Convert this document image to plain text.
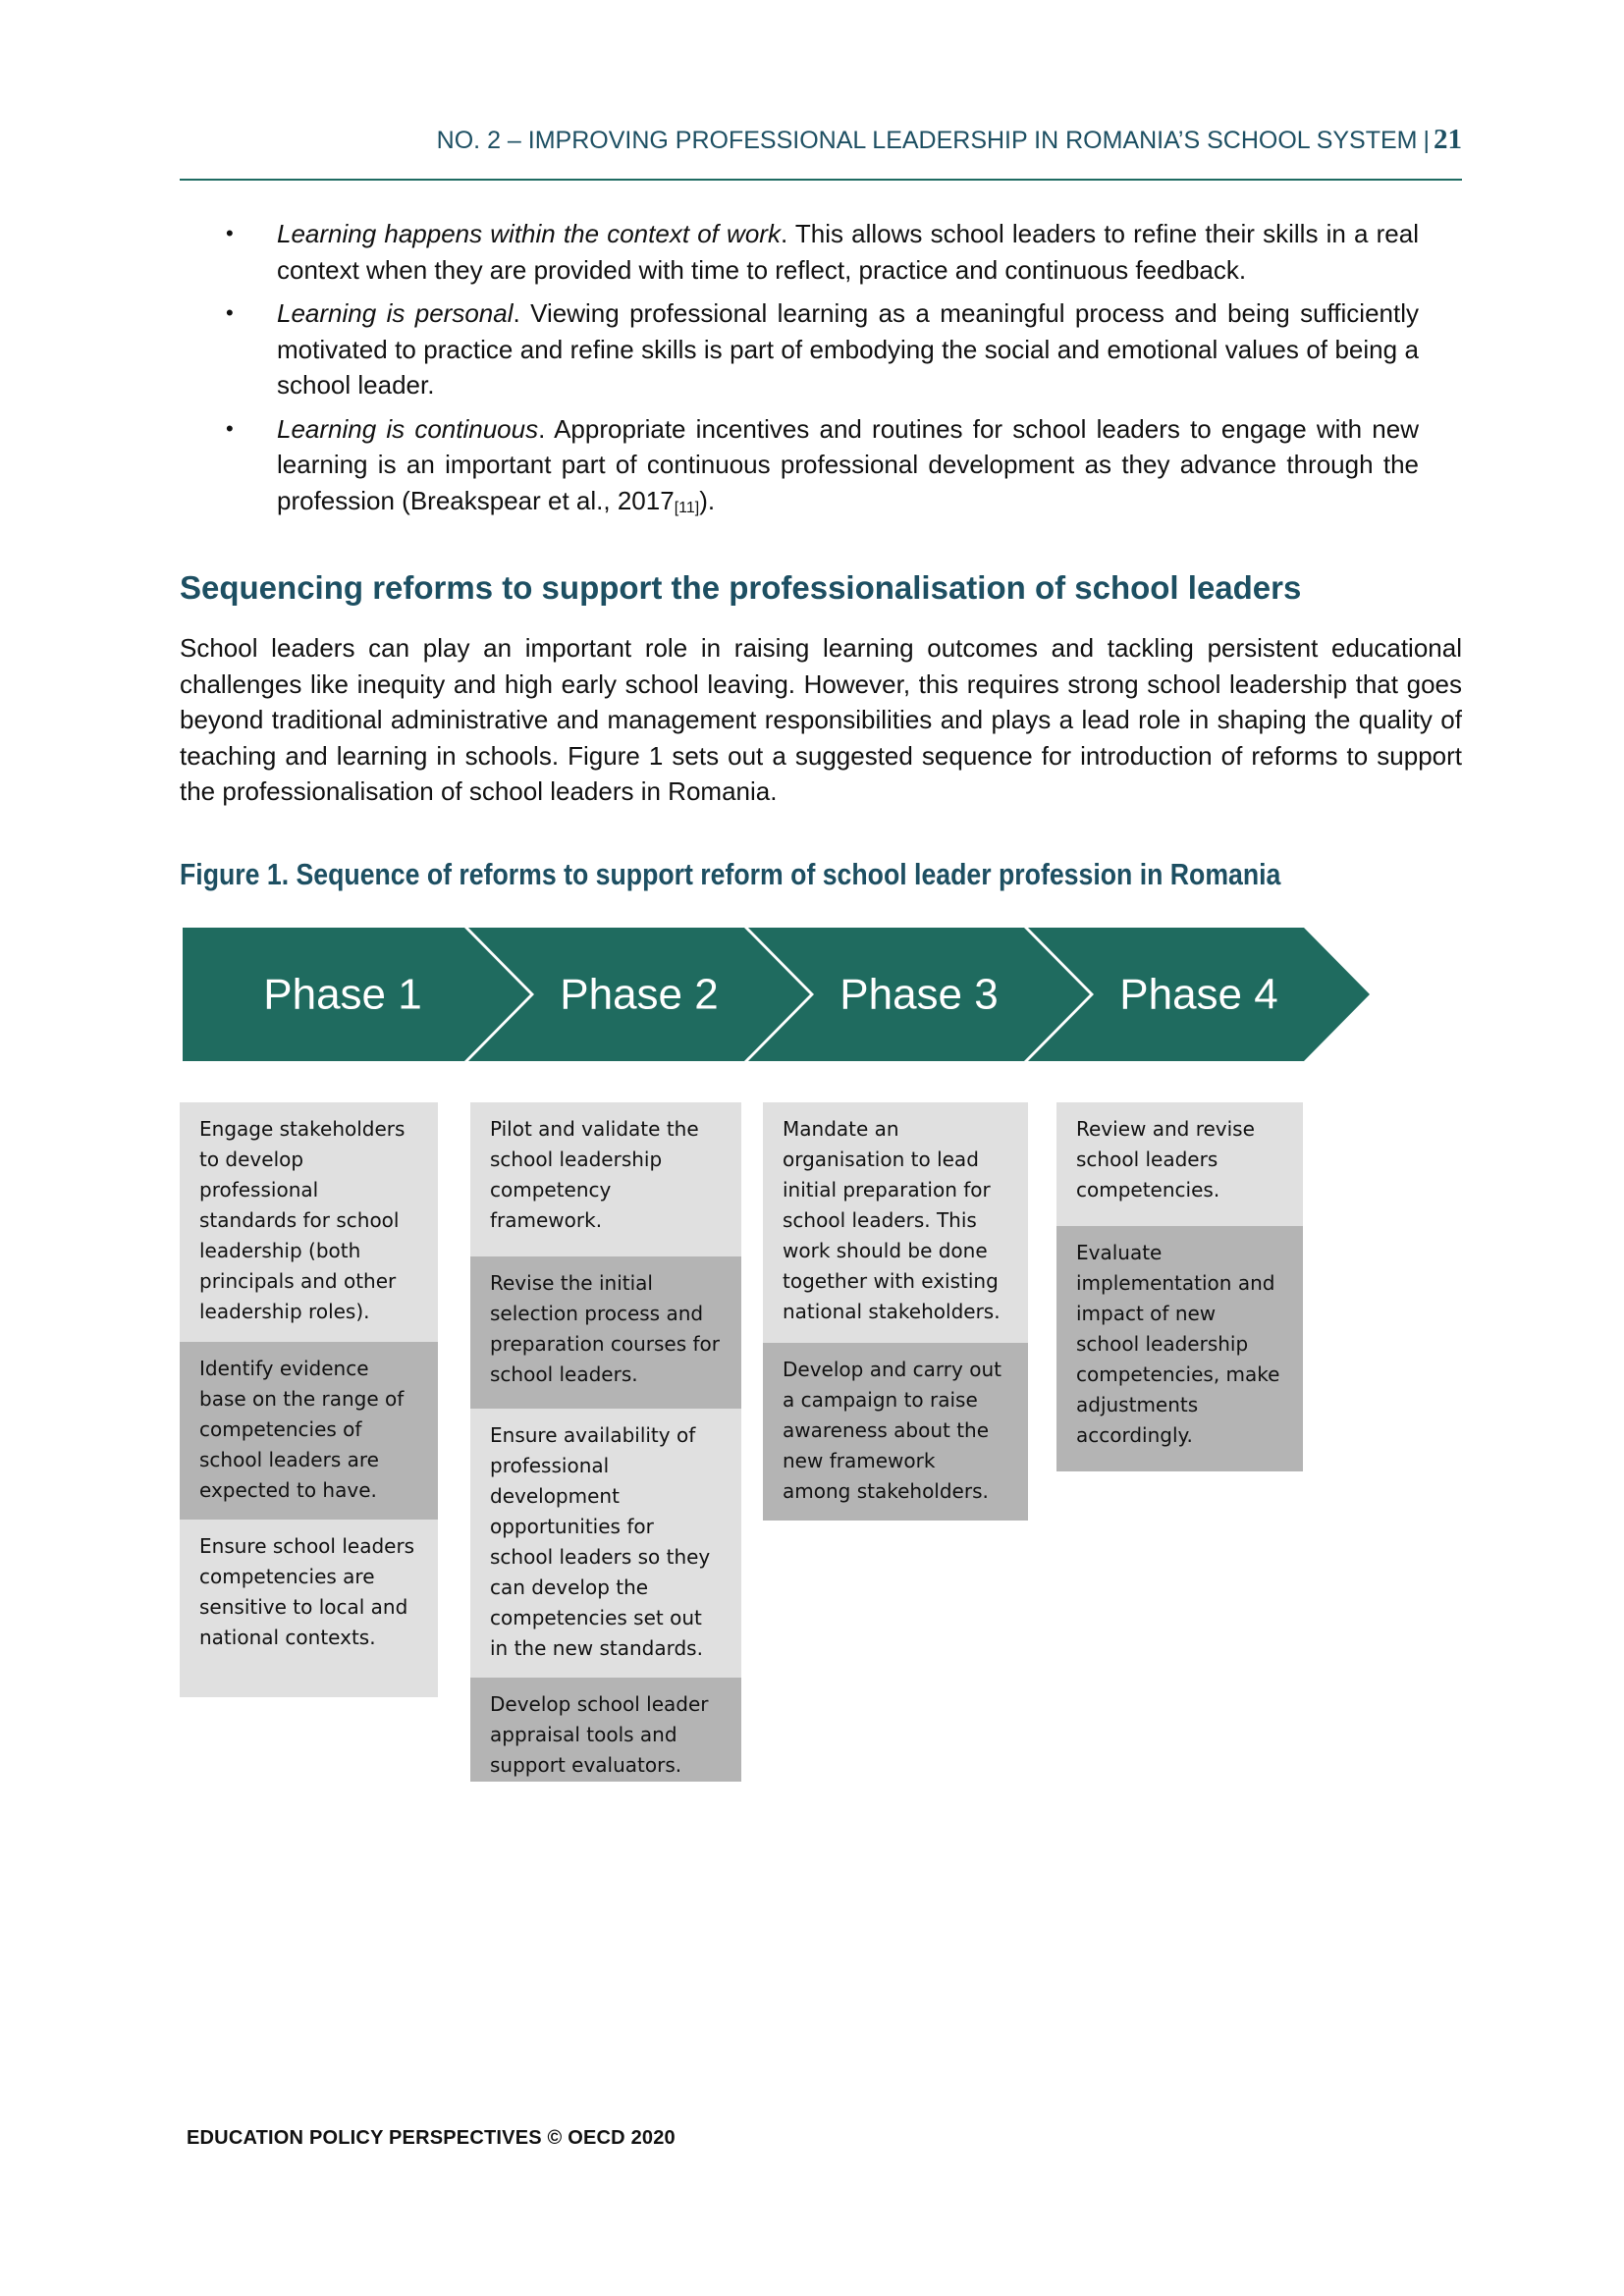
NO. 2 – IMPROVING PROFESSIONAL LEADERSHIP IN ROMANIA’S SCHOOL SYSTEM | 21
• Learning happens within the context of work. This allows school leaders to refine their skills in a real context when they are provided with time to reflect, practice and continuous feedback.
• Learning is personal. Viewing professional learning as a meaningful process and being sufficiently motivated to practice and refine skills is part of embodying the social and emotional values of being a school leader.
• Learning is continuous. Appropriate incentives and routines for school leaders to engage with new learning is an important part of continuous professional development as they advance through the profession (Breakspear et al., $2017_{[11]}$).
Sequencing reforms to support the professionalisation of school leaders

School leaders can play an important role in raising learning outcomes and tackling persistent educational challenges like inequity and high early school leaving. However, this requires strong school leadership that goes beyond traditional administrative and management responsibilities and plays a lead role in shaping the quality of teaching and learning in schools. Figure 1 sets out a suggested sequence for introduction of reforms to support the professionalisation of school leaders in Romania.

Figure 1. Sequence of reforms to support reform of school leader profession in Romania
Phase 1	Phase 2	Phase 3	Phase 4
Engage stakeholders to develop professional standards for school leadership (both principals and other leadership roles).
Identify evidence base on the range of competencies of school leaders are expected to have.
Ensure school leaders competencies are sensitive to local and national contexts.
Pilot and validate the school leadership competency framework.
Revise the initial selection process and preparation courses for school leaders.
Ensure availability of professional development opportunities for school leaders so they can develop the competencies set out in the new standards.
Develop school leader appraisal tools and support evaluators.
Mandate an organisation to lead initial preparation for school leaders. This work should be done together with existing national stakeholders.
Develop and carry out a campaign to raise awareness about the new framework among stakeholders.
Review and revise school leaders competencies.
Evaluate implementation and impact of new school leadership competencies, make adjustments accordingly.
EDUCATION POLICY PERSPECTIVES © OECD 2020
